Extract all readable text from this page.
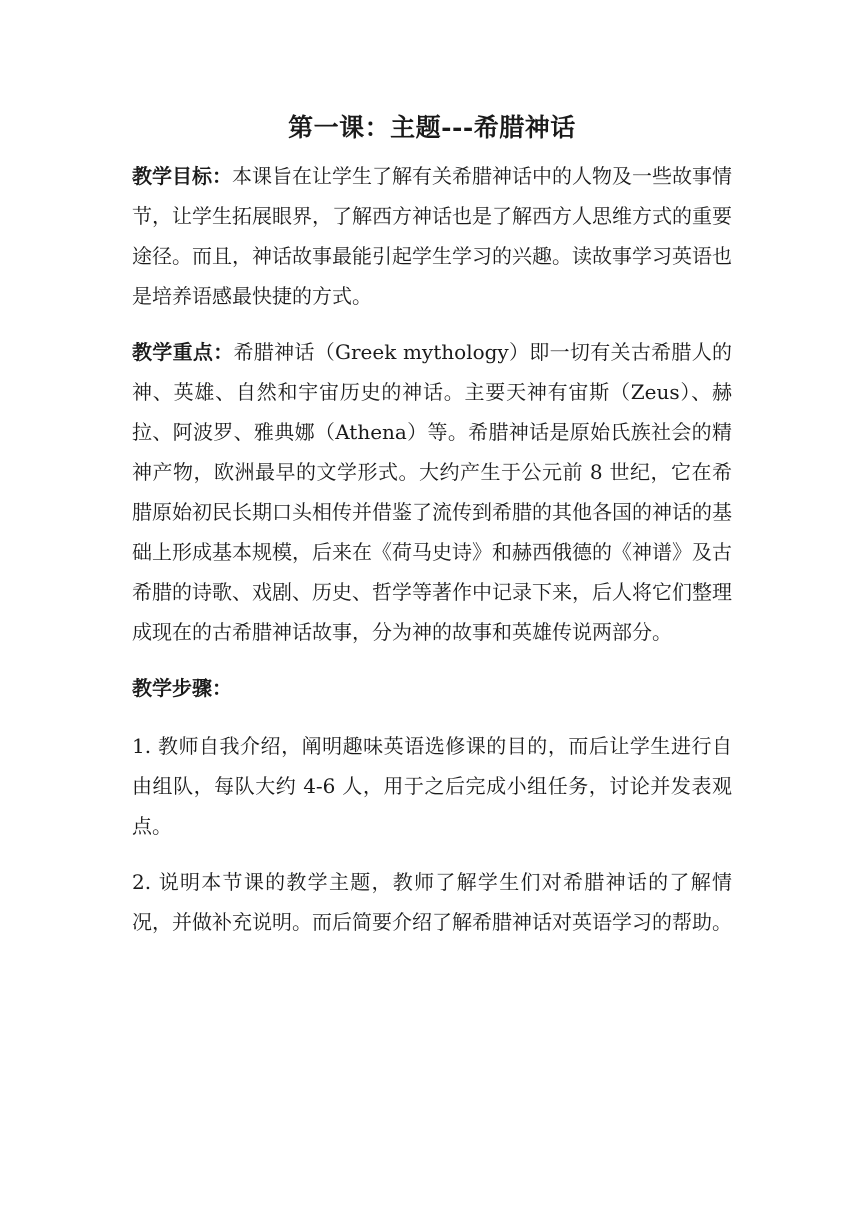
第一课：主题---希腊神话

教学目标：本课旨在让学生了解有关希腊神话中的人物及一些故事情节，让学生拓展眼界，了解西方神话也是了解西方人思维方式的重要途径。而且，神话故事最能引起学生学习的兴趣。读故事学习英语也是培养语感最快捷的方式。

教学重点：希腊神话（Greek mythology）即一切有关古希腊人的神、英雄、自然和宇宙历史的神话。主要天神有宙斯（Zeus）、赫拉、阿波罗、雅典娜（Athena）等。希腊神话是原始氏族社会的精神产物，欧洲最早的文学形式。大约产生于公元前 8 世纪，它在希腊原始初民长期口头相传并借鉴了流传到希腊的其他各国的神话的基础上形成基本规模，后来在《荷马史诗》和赫西俄德的《神谱》及古希腊的诗歌、戏剧、历史、哲学等著作中记录下来，后人将它们整理成现在的古希腊神话故事，分为神的故事和英雄传说两部分。

教学步骤：

1. 教师自我介绍，阐明趣味英语选修课的目的，而后让学生进行自由组队，每队大约 4-6 人，用于之后完成小组任务，讨论并发表观点。

2. 说明本节课的教学主题，教师了解学生们对希腊神话的了解情况，并做补充说明。而后简要介绍了解希腊神话对英语学习的帮助。
